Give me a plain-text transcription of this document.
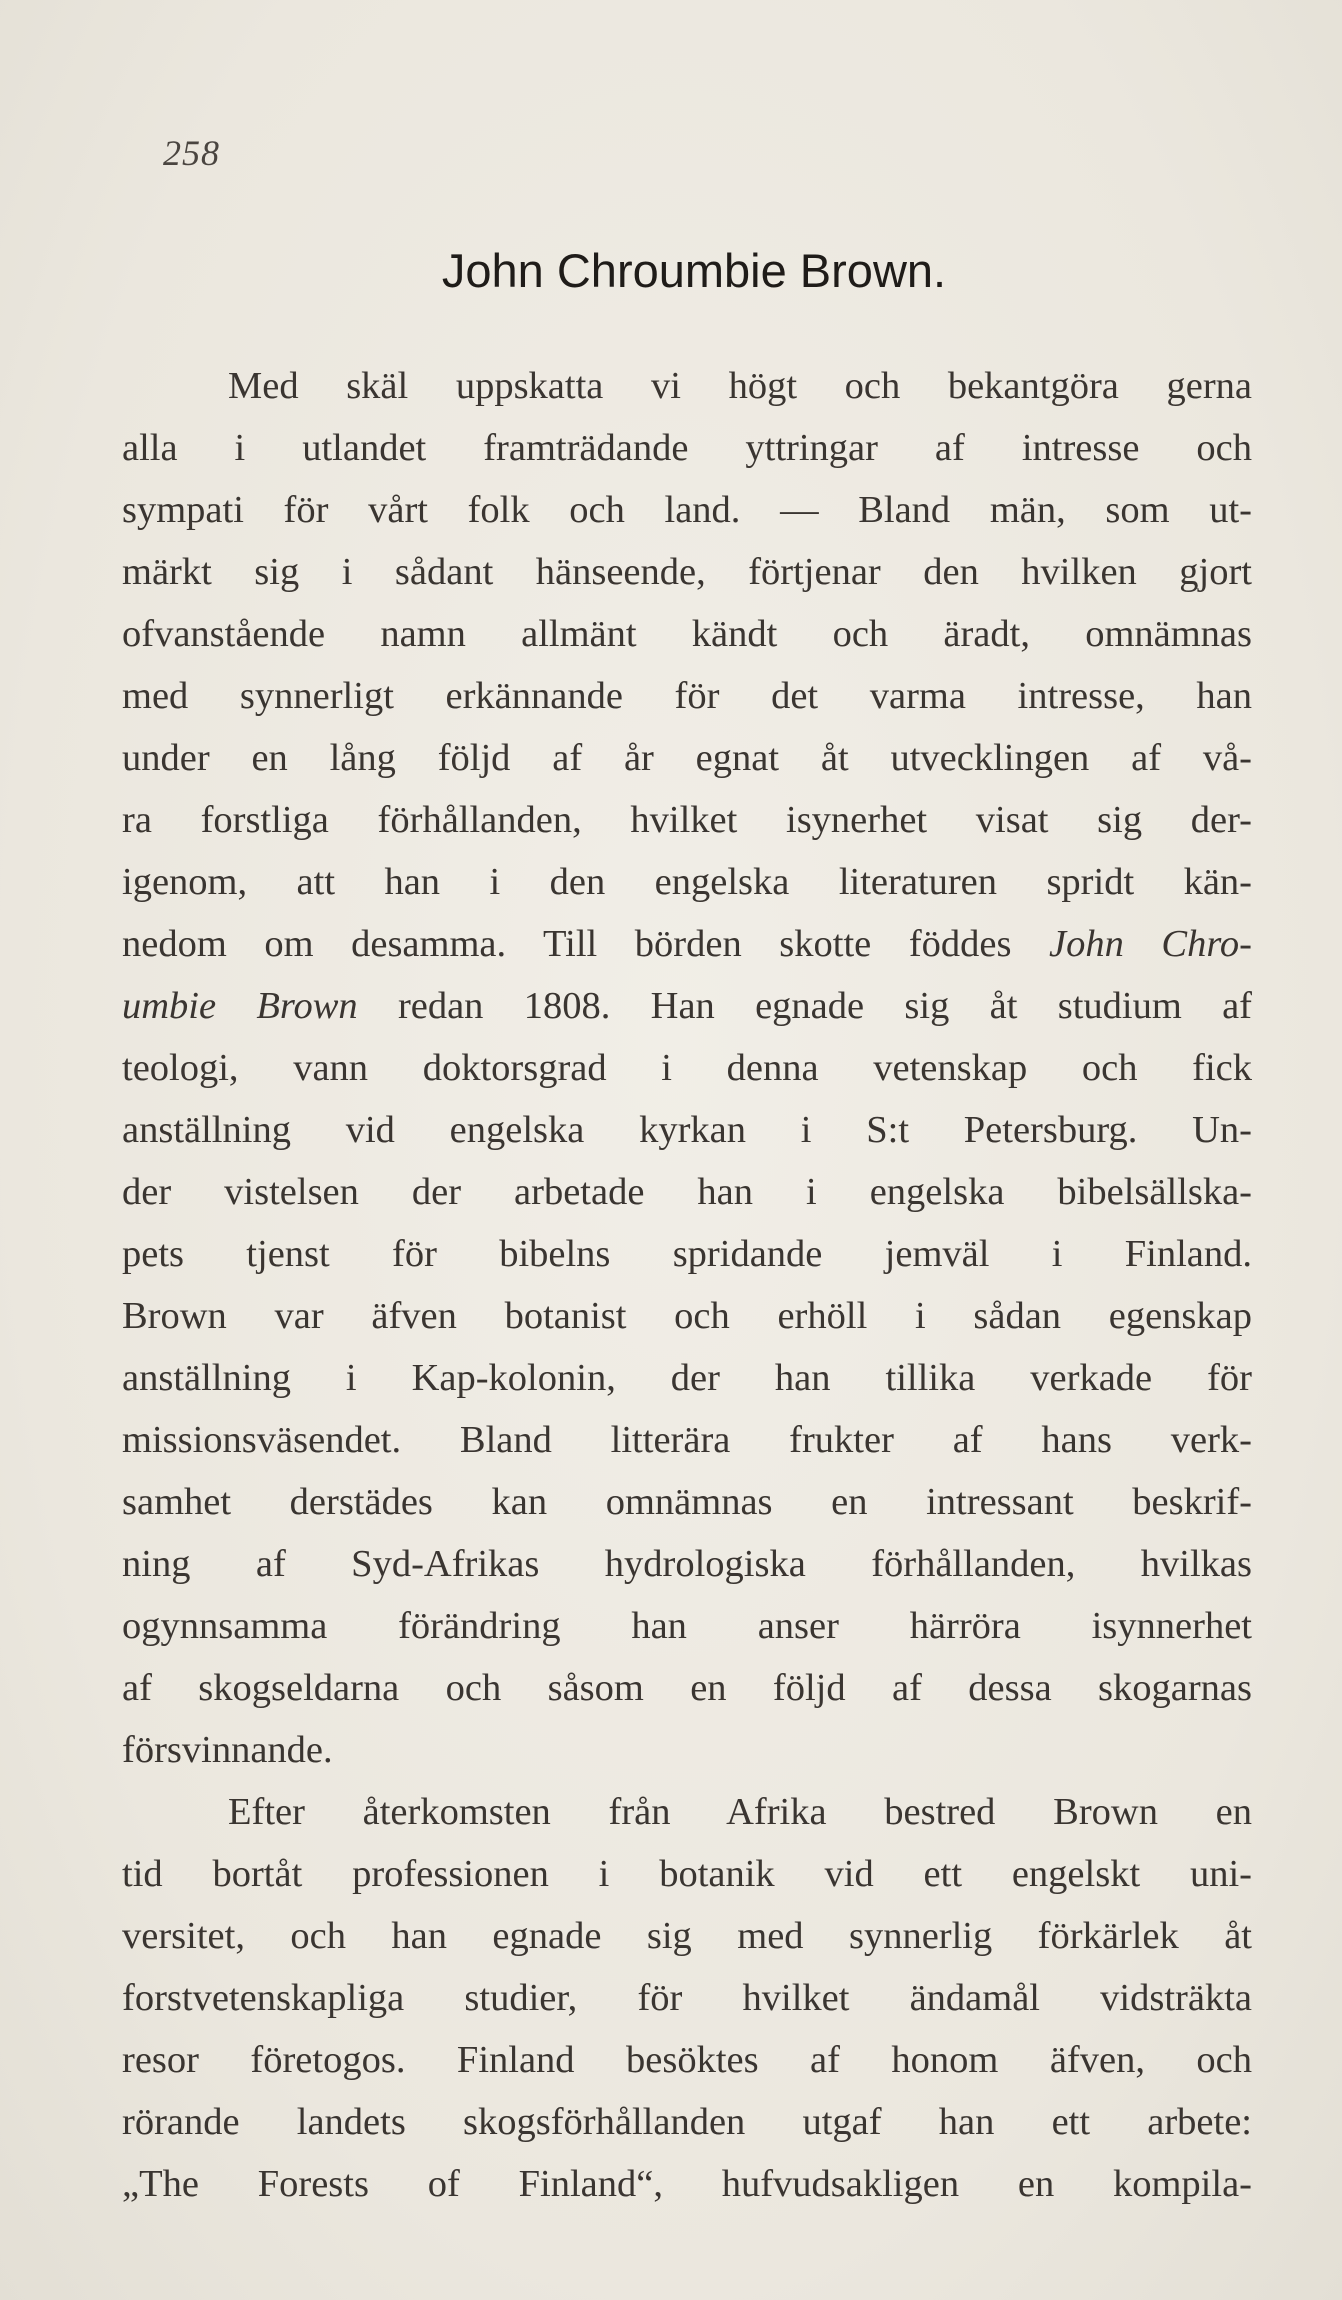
258
John Chroumbie Brown.
Med skäl uppskatta vi högt och bekantgöra gerna
alla i utlandet framträdande yttringar af intresse och
sympati för vårt folk och land. — Bland män, som ut-
märkt sig i sådant hänseende, förtjenar den hvilken gjort
ofvanstående namn allmänt kändt och äradt, omnämnas
med synnerligt erkännande för det varma intresse, han
under en lång följd af år egnat åt utvecklingen af vå-
ra forstliga förhållanden, hvilket isynerhet visat sig der-
igenom, att han i den engelska literaturen spridt kän-
nedom om desamma. Till börden skotte föddes John Chro-
umbie Brown redan 1808. Han egnade sig åt studium af
teologi, vann doktorsgrad i denna vetenskap och fick
anställning vid engelska kyrkan i S:t Petersburg. Un-
der vistelsen der arbetade han i engelska bibelsällska-
pets tjenst för bibelns spridande jemväl i Finland.
Brown var äfven botanist och erhöll i sådan egenskap
anställning i Kap-kolonin, der han tillika verkade för
missionsväsendet. Bland litterära frukter af hans verk-
samhet derstädes kan omnämnas en intressant beskrif-
ning af Syd-Afrikas hydrologiska förhållanden, hvilkas
ogynnsamma förändring han anser härröra isynnerhet
af skogseldarna och såsom en följd af dessa skogarnas
försvinnande.
Efter återkomsten från Afrika bestred Brown en
tid bortåt professionen i botanik vid ett engelskt uni-
versitet, och han egnade sig med synnerlig förkärlek åt
forstvetenskapliga studier, för hvilket ändamål vidsträkta
resor företogos. Finland besöktes af honom äfven, och
rörande landets skogsförhållanden utgaf han ett arbete:
„The Forests of Finland“, hufvudsakligen en kompila-
